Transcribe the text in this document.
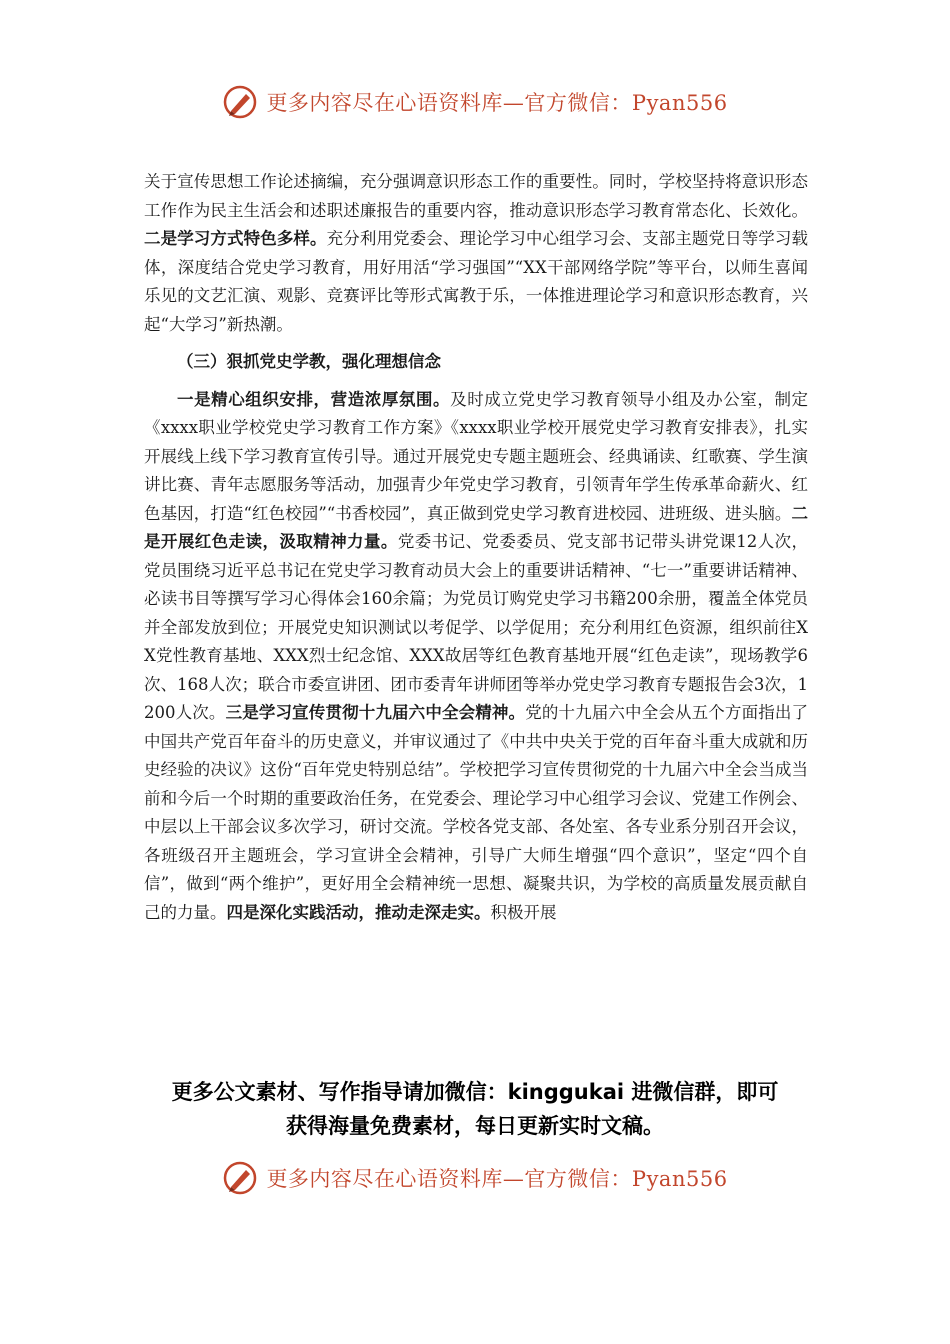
更多内容尽在心语资料库—官方微信：Pyan556

关于宣传思想工作论述摘编，充分强调意识形态工作的重要性。同时，学校坚持将意识形态工作作为民主生活会和述职述廉报告的重要内容，推动意识形态学习教育常态化、长效化。二是学习方式特色多样。充分利用党委会、理论学习中心组学习会、支部主题党日等学习载体，深度结合党史学习教育，用好用活“学习强国”“XX干部网络学院”等平台，以师生喜闻乐见的文艺汇演、观影、竞赛评比等形式寓教于乐，一体推进理论学习和意识形态教育，兴起“大学习”新热潮。

（三）狠抓党史学教，强化理想信念

一是精心组织安排，营造浓厚氛围。及时成立党史学习教育领导小组及办公室，制定《xxxx职业学校党史学习教育工作方案》《xxxx职业学校开展党史学习教育安排表》，扎实开展线上线下学习教育宣传引导。通过开展党史专题主题班会、经典诵读、红歌赛、学生演讲比赛、青年志愿服务等活动，加强青少年党史学习教育，引领青年学生传承革命薪火、红色基因，打造“红色校园”“书香校园”，真正做到党史学习教育进校园、进班级、进头脑。二是开展红色走读，汲取精神力量。党委书记、党委委员、党支部书记带头讲党课12人次，党员围绕习近平总书记在党史学习教育动员大会上的重要讲话精神、“七一”重要讲话精神、必读书目等撰写学习心得体会160余篇；为党员订购党史学习书籍200余册，覆盖全体党员并全部发放到位；开展党史知识测试以考促学、以学促用；充分利用红色资源，组织前往XX党性教育基地、XXX烈士纪念馆、XXX故居等红色教育基地开展“红色走读”，现场教学6次、168人次；联合市委宣讲团、团市委青年讲师团等举办党史学习教育专题报告会3次，1200人次。三是学习宣传贯彻十九届六中全会精神。党的十九届六中全会从五个方面指出了中国共产党百年奋斗的历史意义，并审议通过了《中共中央关于党的百年奋斗重大成就和历史经验的决议》这份“百年党史特别总结”。学校把学习宣传贯彻党的十九届六中全会当成当前和今后一个时期的重要政治任务，在党委会、理论学习中心组学习会议、党建工作例会、中层以上干部会议多次学习，研讨交流。学校各党支部、各处室、各专业系分别召开会议，各班级召开主题班会，学习宣讲全会精神，引导广大师生增强“四个意识”，坚定“四个自信”，做到“两个维护”，更好用全会精神统一思想、凝聚共识，为学校的高质量发展贡献自己的力量。四是深化实践活动，推动走深走实。积极开展

更多公文素材、写作指导请加微信：kinggukai 进微信群，即可
获得海量免费素材，每日更新实时文稿。
更多内容尽在心语资料库—官方微信：Pyan556
